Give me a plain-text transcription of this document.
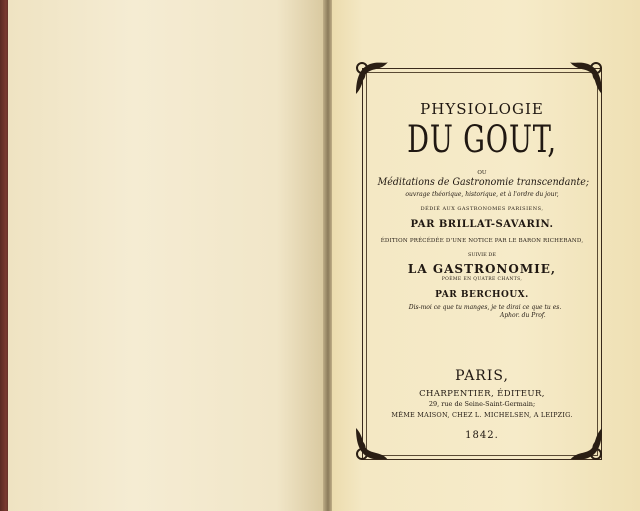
PHYSIOLOGIE
DU GOUT,
OU
Méditations de Gastronomie transcendante;
ouvrage théorique, historique, et à l'ordre du jour,
DÉDIÉ AUX GASTRONOMES PARISIENS,
PAR BRILLAT-SAVARIN.
ÉDITION PRÉCÉDÉE D'UNE NOTICE PAR LE BARON RICHERAND,
SUIVIE DE
LA GASTRONOMIE,
POÈME EN QUATRE CHANTS,
PAR BERCHOUX.
Dis-moi ce que tu manges, je te dirai ce que tu es.
Aphor. du Prof.
PARIS,
CHARPENTIER, ÉDITEUR,
29, rue de Seine-Saint-Germain;
MÊME MAISON, CHEZ L. MICHELSEN, A LEIPZIG.
1842.
